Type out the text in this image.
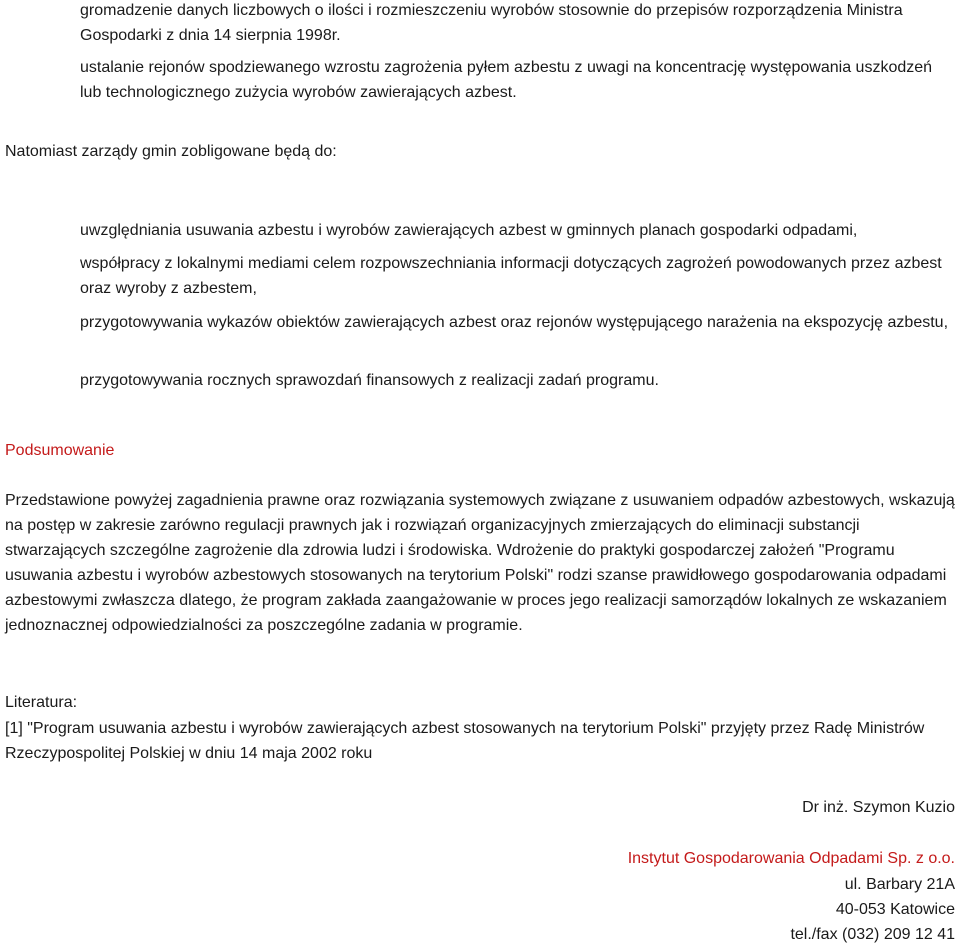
gromadzenie danych liczbowych o ilości i rozmieszczeniu wyrobów stosownie do przepisów rozporządzenia Ministra Gospodarki z dnia 14 sierpnia 1998r.

ustalanie rejonów spodziewanego wzrostu zagrożenia pyłem azbestu z uwagi na koncentrację występowania uszkodzeń lub technologicznego zużycia wyrobów zawierających azbest.

Natomiast zarządy gmin zobligowane będą do:

uwzględniania usuwania azbestu i wyrobów zawierających azbest w gminnych planach gospodarki odpadami,

współpracy z lokalnymi mediami celem rozpowszechniania informacji dotyczących zagrożeń powodowanych przez azbest oraz wyroby z azbestem,

przygotowywania wykazów obiektów zawierających azbest oraz rejonów występującego narażenia na ekspozycję azbestu,

przygotowywania rocznych sprawozdań finansowych z realizacji zadań programu.

Podsumowanie

Przedstawione powyżej zagadnienia prawne oraz rozwiązania systemowych związane z usuwaniem odpadów azbestowych, wskazują na postęp w zakresie zarówno regulacji prawnych jak i rozwiązań organizacyjnych zmierzających do eliminacji substancji stwarzających szczególne zagrożenie dla zdrowia ludzi i środowiska. Wdrożenie do praktyki gospodarczej założeń "Programu usuwania azbestu i wyrobów azbestowych stosowanych na terytorium Polski" rodzi szanse prawidłowego gospodarowania odpadami azbestowymi zwłaszcza dlatego, że program zakłada zaangażowanie w proces jego realizacji samorządów lokalnych ze wskazaniem jednoznacznej odpowiedzialności za poszczególne zadania w programie.

Literatura:

[1] "Program usuwania azbestu i wyrobów zawierających azbest stosowanych na terytorium Polski" przyjęty przez Radę Ministrów Rzeczypospolitej Polskiej w dniu 14 maja 2002 roku

Dr inż. Szymon Kuzio

Instytut Gospodarowania Odpadami Sp. z o.o.

ul. Barbary 21A

40-053 Katowice

tel./fax (032) 209 12 41
